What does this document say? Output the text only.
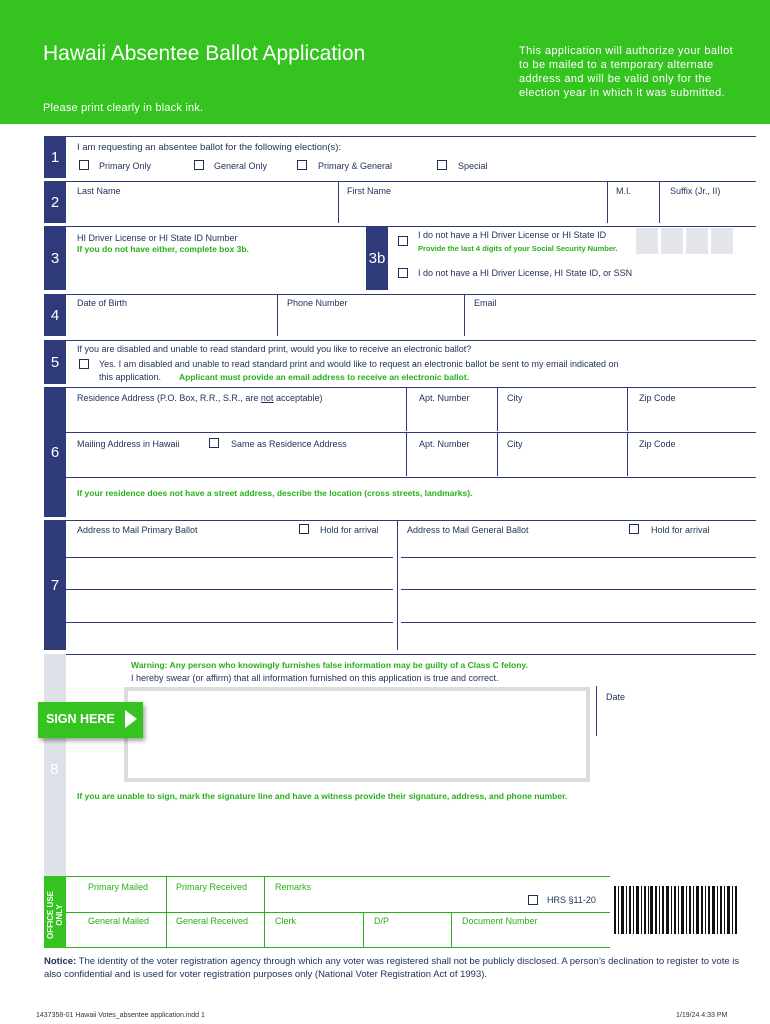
Hawaii Absentee Ballot Application
Please print clearly in black ink.
This application will authorize your ballot to be mailed to a temporary alternate address and will be valid only for the election year in which it was submitted.
1
I am requesting an absentee ballot for the following election(s):
Primary Only	General Only	Primary & General	Special
2
Last Name	First Name	M.I.	Suffix (Jr., II)
3
HI Driver License or HI State ID Number
If you do not have either, complete box 3b.
3b
I do not have a HI Driver License or HI State ID
Provide the last 4 digits of your Social Security Number.
I do not have a HI Driver License, HI State ID, or SSN
4
Date of Birth	Phone Number	Email
5
If you are disabled and unable to read standard print, would you like to receive an electronic ballot?
Yes. I am disabled and unable to read standard print and would like to request an electronic ballot be sent to my email indicated on
this application. Applicant must provide an email address to receive an electronic ballot.
6
Residence Address (P.O. Box, R.R., S.R., are not acceptable)	Apt. Number	City	Zip Code
Mailing Address in Hawaii	Same as Residence Address	Apt. Number	City	Zip Code
If your residence does not have a street address, describe the location (cross streets, landmarks).
7
Address to Mail Primary Ballot	Hold for arrival	Address to Mail General Ballot	Hold for arrival
8
Warning: Any person who knowingly furnishes false information may be guilty of a Class C felony.
I hereby swear (or affirm) that all information furnished on this application is true and correct.
Date
SIGN HERE
If you are unable to sign, mark the signature line and have a witness provide their signature, address, and phone number.
OFFICE USE ONLY
Primary Mailed	Primary Received	Remarks
General Mailed	General Received	Clerk	D/P	Document Number
HRS §11-20
Notice: The identity of the voter registration agency through which any voter was registered shall not be publicly disclosed. A person’s declination to register to vote is also confidential and is used for voter registration purposes only (National Voter Registration Act of 1993).
1437358-01 Hawaii Votes_absentee application.indd 1	1/19/24 4:33 PM
